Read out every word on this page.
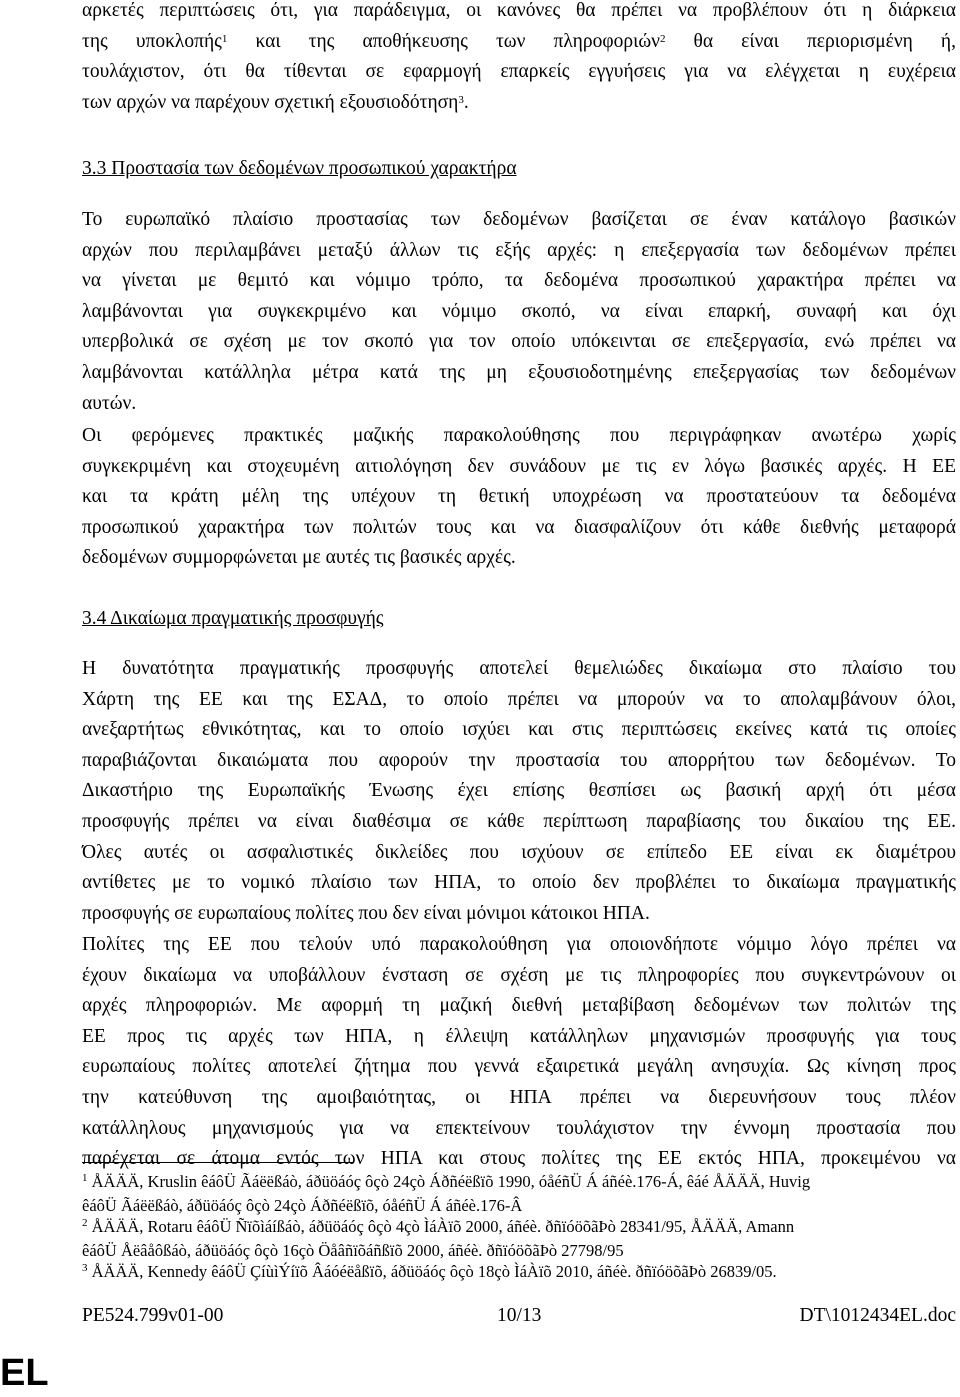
αρκετές περιπτώσεις ότι, για παράδειγμα, οι κανόνες θα πρέπει να προβλέπουν ότι η διάρκεια
της υποκλοπής$^1$ και της αποθήκευσης των πληροφοριών$^2$ θα είναι περιορισμένη ή,
τουλάχιστον, ότι θα τίθενται σε εφαρμογή επαρκείς εγγυήσεις για να ελέγχεται η ευχέρεια
των αρχών να παρέχουν σχετική εξουσιοδότηση$^3$.
3.3 Προστασία των δεδομένων προσωπικού χαρακτήρα
Το ευρωπαϊκό πλαίσιο προστασίας των δεδομένων βασίζεται σε έναν κατάλογο βασικών
αρχών που περιλαμβάνει μεταξύ άλλων τις εξής αρχές: η επεξεργασία των δεδομένων πρέπει
να γίνεται με θεμιτό και νόμιμο τρόπο, τα δεδομένα προσωπικού χαρακτήρα πρέπει να
λαμβάνονται για συγκεκριμένο και νόμιμο σκοπό, να είναι επαρκή, συναφή και όχι
υπερβολικά σε σχέση με τον σκοπό για τον οποίο υπόκεινται σε επεξεργασία, ενώ πρέπει να
λαμβάνονται κατάλληλα μέτρα κατά της μη εξουσιοδοτημένης επεξεργασίας των δεδομένων
αυτών.
Οι φερόμενες πρακτικές μαζικής παρακολούθησης που περιγράφηκαν ανωτέρω χωρίς
συγκεκριμένη και στοχευμένη αιτιολόγηση δεν συνάδουν με τις εν λόγω βασικές αρχές. Η ΕΕ
και τα κράτη μέλη της υπέχουν τη θετική υποχρέωση να προστατεύουν τα δεδομένα
προσωπικού χαρακτήρα των πολιτών τους και να διασφαλίζουν ότι κάθε διεθνής μεταφορά
δεδομένων συμμορφώνεται με αυτές τις βασικές αρχές.
3.4 Δικαίωμα πραγματικής προσφυγής
Η δυνατότητα πραγματικής προσφυγής αποτελεί θεμελιώδες δικαίωμα στο πλαίσιο του
Χάρτη της ΕΕ και της ΕΣΑΔ, το οποίο πρέπει να μπορούν να το απολαμβάνουν όλοι,
ανεξαρτήτως εθνικότητας, και το οποίο ισχύει και στις περιπτώσεις εκείνες κατά τις οποίες
παραβιάζονται δικαιώματα που αφορούν την προστασία του απορρήτου των δεδομένων. Το
Δικαστήριο της Ευρωπαϊκής Ένωσης έχει επίσης θεσπίσει ως βασική αρχή ότι μέσα
προσφυγής πρέπει να είναι διαθέσιμα σε κάθε περίπτωση παραβίασης του δικαίου της ΕΕ.
Όλες αυτές οι ασφαλιστικές δικλείδες που ισχύουν σε επίπεδο ΕΕ είναι εκ διαμέτρου
αντίθετες με το νομικό πλαίσιο των ΗΠΑ, το οποίο δεν προβλέπει το δικαίωμα πραγματικής
προσφυγής σε ευρωπαίους πολίτες που δεν είναι μόνιμοι κάτοικοι ΗΠΑ.
Πολίτες της ΕΕ που τελούν υπό παρακολούθηση για οποιονδήποτε νόμιμο λόγο πρέπει να
έχουν δικαίωμα να υποβάλλουν ένσταση σε σχέση με τις πληροφορίες που συγκεντρώνουν οι
αρχές πληροφοριών. Με αφορμή τη μαζική διεθνή μεταβίβαση δεδομένων των πολιτών της
ΕΕ προς τις αρχές των ΗΠΑ, η έλλειψη κατάλληλων μηχανισμών προσφυγής για τους
ευρωπαίους πολίτες αποτελεί ζήτημα που γεννά εξαιρετικά μεγάλη ανησυχία. Ως κίνηση προς
την κατεύθυνση της αμοιβαιότητας, οι ΗΠΑ πρέπει να διερευνήσουν τους πλέον
κατάλληλους μηχανισμούς για να επεκτείνουν τουλάχιστον την έννομη προστασία που
παρέχεται σε άτομα εντός των ΗΠΑ και στους πολίτες της ΕΕ εκτός ΗΠΑ, προκειμένου να
$^1$ ÅÄÄÄ, Kruslin êáôÜ Ãáëëßáò, áðüöáóç ôçò 24çò Áðñéëßïõ 1990, óåéñÜ Á áñéè.176-Á, êáé ÅÄÄÄ, Huvig
êáôÜ Ãáëëßáò, áðüöáóç ôçò 24çò Áðñéëßïõ, óåéñÜ Á áñéè.176-Â
$^2$ ÅÄÄÄ, Rotaru êáôÜ Ñïõìáíßáò, áðüöáóç ôçò 4çò ÌáÀïõ 2000, áñéè. ðñïóöõãÞò 28341/95, ÅÄÄÄ, Amann
êáôÜ Åëâåôßáò, áðüöáóç ôçò 16çò Öåâñïõáñßïõ 2000, áñéè. ðñïóöõãÞò 27798/95
$^3$ ÅÄÄÄ, Kennedy êáôÜ ÇíùìÝíïõ Âáóéëåßïõ, áðüöáóç ôçò 18çò ÌáÀïõ 2010, áñéè. ðñïóöõãÞò 26839/05.
PE524.799v01-00	10/13	DT\1012434EL.doc
EL
